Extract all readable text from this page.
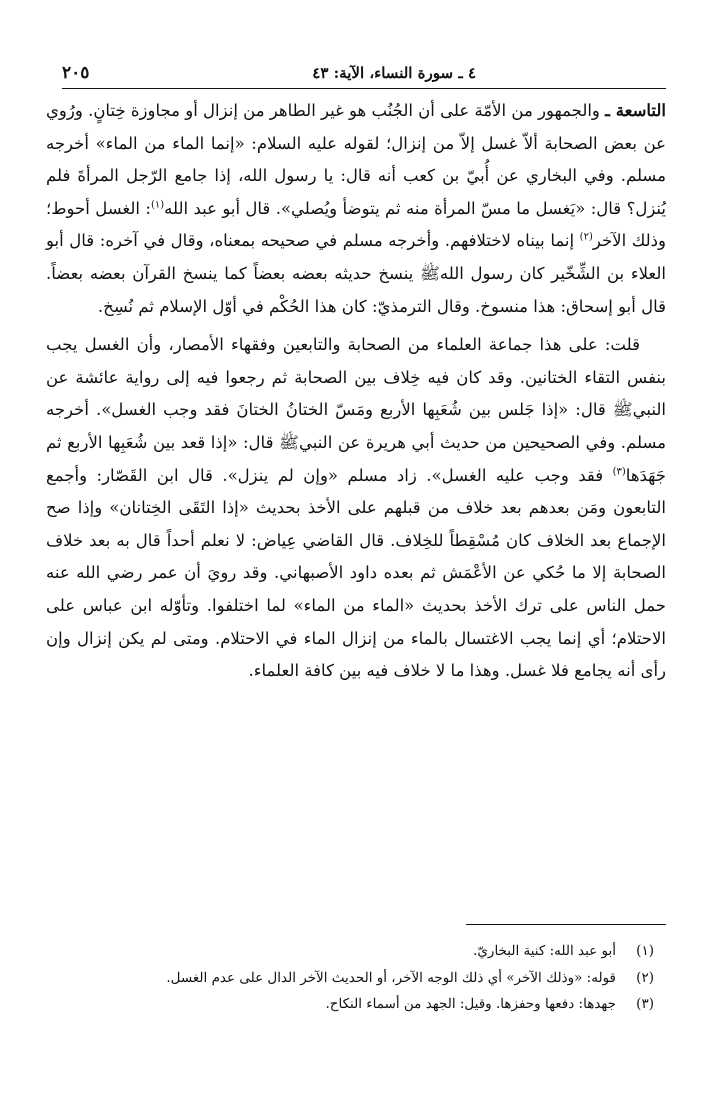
٤ ـ سورة النساء، الآية: ٤٣
٢٠٥

التاسعة ـ والجمهور من الأمّة على أن الجُنُب هو غير الطاهر من إنزال أو مجاوزة خِتانٍ. ورُوي عن بعض الصحابة ألاّ غسل إلاّ من إنزال؛ لقوله عليه السلام: «إنما الماء من الماء» أخرجه مسلم. وفي البخاري عن أُبيّ بن كعب أنه قال: يا رسول الله، إذا جامع الرّجل المرأةَ فلم يُنزل؟ قال: «يَغسل ما مسّ المرأة منه ثم يتوضأ ويُصلي». قال أبو عبد الله$^{(١)}$: الغسل أحوط؛ وذلك الآخر$^{(٢)}$ إنما بيناه لاختلافهم. وأخرجه مسلم في صحيحه بمعناه، وقال في آخره: قال أبو العلاء بن الشِّخّير كان رسول اللهﷺ ينسخ حديثه بعضه بعضاً كما ينسخ القرآن بعضه بعضاً. قال أبو إسحاق: هذا منسوخ. وقال الترمذيّ: كان هذا الحُكْم في أوّل الإسلام ثم نُسِخ.

قلت: على هذا جماعة العلماء من الصحابة والتابعين وفقهاء الأمصار، وأن الغسل يجب بنفس التقاء الختانين. وقد كان فيه خِلاف بين الصحابة ثم رجعوا فيه إلى رواية عائشة عن النبيﷺ قال: «إذا جَلس بين شُعَبِها الأربع ومَسّ الختانُ الختانَ فقد وجب الغسل». أخرجه مسلم. وفي الصحيحين من حديث أبي هريرة عن النبيﷺ قال: «إذا قعد بين شُعَبِها الأربع ثم جَهَدَها$^{(٣)}$ فقد وجب عليه الغسل». زاد مسلم «وإن لم ينزل». قال ابن القَصّار: وأجمع التابعون ومَن بعدهم بعد خلاف من قبلهم على الأخذ بحديث «إذا التَقَى الخِتانان» وإذا صح الإجماع بعد الخلاف كان مُسْقِطاً للخِلاف. قال القاضي عِياض: لا نعلم أحداً قال به بعد خلاف الصحابة إلا ما حُكي عن الأعْمَش ثم بعده داود الأصبهاني. وقد رويَ أن عمر رضي الله عنه حمل الناس على ترك الأخذ بحديث «الماء من الماء» لما اختلفوا. وتأوّله ابن عباس على الاحتلام؛ أي إنما يجب الاغتسال بالماء من إنزال الماء في الاحتلام. ومتى لم يكن إنزال وإن رأى أنه يجامع فلا غسل. وهذا ما لا خلاف فيه بين كافة العلماء.

(١)
أبو عبد الله: كنية البخاريّ.
(٢)
قوله: «وذلك الآخر» أي ذلك الوجه الآخر، أو الحديث الآخر الدال على عدم الغسل.
(٣)
جهدها: دفعها وحفزها. وقيل: الجهد من أسماء النكاح.
